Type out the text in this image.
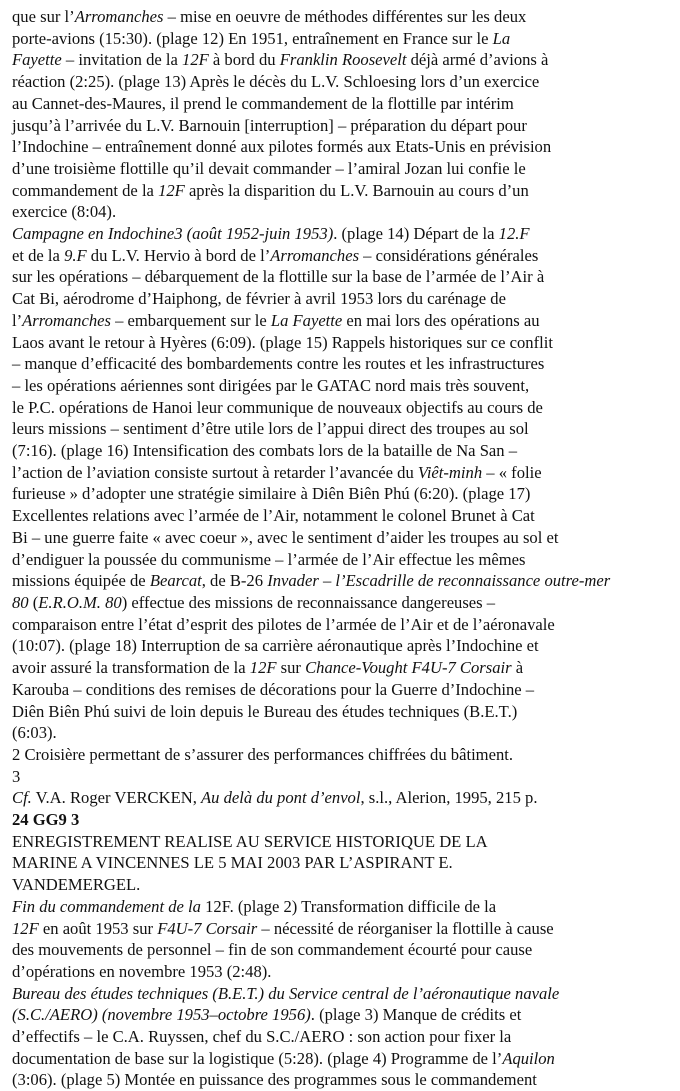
que sur l’Arromanches – mise en oeuvre de méthodes différentes sur les deux
porte-avions (15:30). (plage 12) En 1951, entraînement en France sur le La
Fayette – invitation de la 12F à bord du Franklin Roosevelt déjà armé d’avions à
réaction (2:25). (plage 13) Après le décès du L.V. Schloesing lors d’un exercice
au Cannet-des-Maures, il prend le commandement de la flottille par intérim
jusqu’à l’arrivée du L.V. Barnouin [interruption] – préparation du départ pour
l’Indochine – entraînement donné aux pilotes formés aux Etats-Unis en prévision
d’une troisième flottille qu’il devait commander – l’amiral Jozan lui confie le
commandement de la 12F après la disparition du L.V. Barnouin au cours d’un
exercice (8:04).
Campagne en Indochine3 (août 1952-juin 1953). (plage 14) Départ de la 12.F
et de la 9.F du L.V. Hervio à bord de l’Arromanches – considérations générales
sur les opérations – débarquement de la flottille sur la base de l’armée de l’Air à
Cat Bi, aérodrome d’Haiphong, de février à avril 1953 lors du carénage de
l’Arromanches – embarquement sur le La Fayette en mai lors des opérations au
Laos avant le retour à Hyères (6:09). (plage 15) Rappels historiques sur ce conflit
– manque d’efficacité des bombardements contre les routes et les infrastructures
– les opérations aériennes sont dirigées par le GATAC nord mais très souvent,
le P.C. opérations de Hanoi leur communique de nouveaux objectifs au cours de
leurs missions – sentiment d’être utile lors de l’appui direct des troupes au sol
(7:16). (plage 16) Intensification des combats lors de la bataille de Na San –
l’action de l’aviation consiste surtout à retarder l’avancée du Viêt-minh – « folie
furieuse » d’adopter une stratégie similaire à Diên Biên Phú (6:20). (plage 17)
Excellentes relations avec l’armée de l’Air, notamment le colonel Brunet à Cat
Bi – une guerre faite « avec coeur », avec le sentiment d’aider les troupes au sol et
d’endiguer la poussée du communisme – l’armée de l’Air effectue les mêmes
missions équipée de Bearcat, de B-26 Invader – l’Escadrille de reconnaissance outre-mer
80 (E.R.O.M. 80) effectue des missions de reconnaissance dangereuses –
comparaison entre l’état d’esprit des pilotes de l’armée de l’Air et de l’aéronavale
(10:07). (plage 18) Interruption de sa carrière aéronautique après l’Indochine et
avoir assuré la transformation de la 12F sur Chance-Vought F4U-7 Corsair à
Karouba – conditions des remises de décorations pour la Guerre d’Indochine –
Diên Biên Phú suivi de loin depuis le Bureau des études techniques (B.E.T.)
(6:03).
2 Croisière permettant de s’assurer des performances chiffrées du bâtiment.
3
Cf. V.A. Roger VERCKEN, Au delà du pont d’envol, s.l., Alerion, 1995, 215 p.
24 GG9 3
ENREGISTREMENT REALISE AU SERVICE HISTORIQUE DE LA
MARINE A VINCENNES LE 5 MAI 2003 PAR L’ASPIRANT E.
VANDEMERGEL.
Fin du commandement de la 12F. (plage 2) Transformation difficile de la
12F en août 1953 sur F4U-7 Corsair – nécessité de réorganiser la flottille à cause
des mouvements de personnel – fin de son commandement écourté pour cause
d’opérations en novembre 1953 (2:48).
Bureau des études techniques (B.E.T.) du Service central de l’aéronautique navale
(S.C./AERO) (novembre 1953–octobre 1956). (plage 3) Manque de crédits et
d’effectifs – le C.A. Ruyssen, chef du S.C./AERO : son action pour fixer la
documentation de base sur la logistique (5:28). (plage 4) Programme de l’Aquilon
(3:06). (plage 5) Montée en puissance des programmes sous le commandement
